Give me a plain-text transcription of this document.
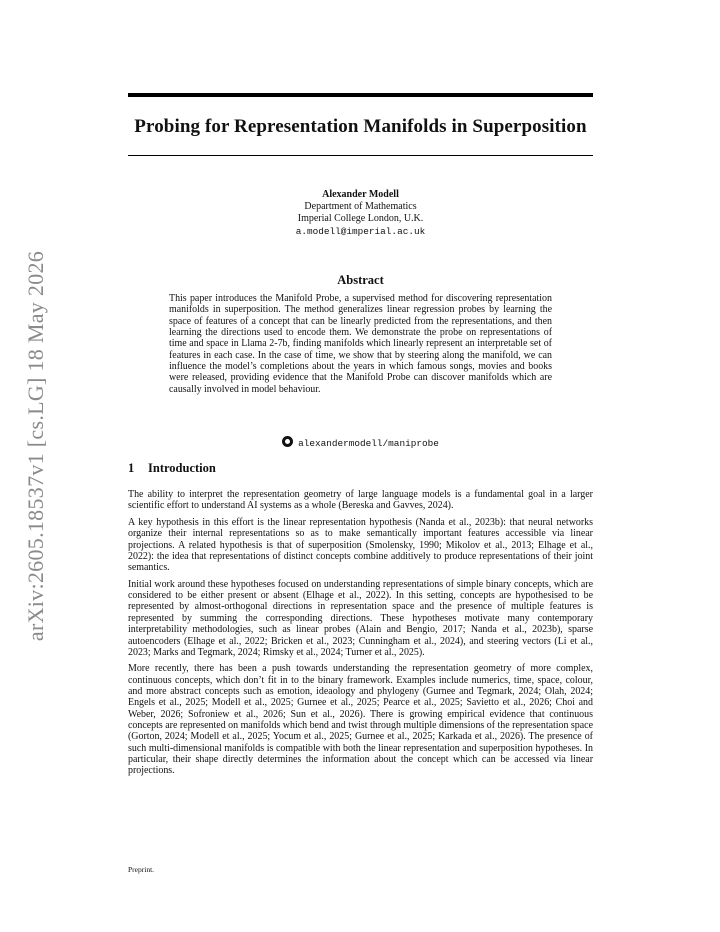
arXiv:2605.18537v1 [cs.LG] 18 May 2026
Probing for Representation Manifolds in Superposition
Alexander Modell
Department of Mathematics
Imperial College London, U.K.
a.modell@imperial.ac.uk
Abstract
This paper introduces the Manifold Probe, a supervised method for discovering representation manifolds in superposition. The method generalizes linear regression probes by learning the space of features of a concept that can be linearly predicted from the representations, and then learning the directions used to encode them. We demonstrate the probe on representations of time and space in Llama 2-7b, finding manifolds which linearly represent an interpretable set of features in each case. In the case of time, we show that by steering along the manifold, we can influence the model’s completions about the years in which famous songs, movies and books were released, providing evidence that the Manifold Probe can discover manifolds which are causally involved in model behaviour.
alexandermodell/maniprobe
1 Introduction

The ability to interpret the representation geometry of large language models is a fundamental goal in a larger scientific effort to understand AI systems as a whole (Bereska and Gavves, 2024).

A key hypothesis in this effort is the linear representation hypothesis (Nanda et al., 2023b): that neural networks organize their internal representations so as to make semantically important features accessible via linear projections. A related hypothesis is that of superposition (Smolensky, 1990; Mikolov et al., 2013; Elhage et al., 2022): the idea that representations of distinct concepts combine additively to produce representations of their joint semantics.

Initial work around these hypotheses focused on understanding representations of simple binary concepts, which are considered to be either present or absent (Elhage et al., 2022). In this setting, concepts are hypothesised to be represented by almost-orthogonal directions in representation space and the presence of multiple features is represented by summing the corresponding directions. These hypotheses motivate many contemporary interpretability methodologies, such as linear probes (Alain and Bengio, 2017; Nanda et al., 2023b), sparse autoencoders (Elhage et al., 2022; Bricken et al., 2023; Cunningham et al., 2024), and steering vectors (Li et al., 2023; Marks and Tegmark, 2024; Rimsky et al., 2024; Turner et al., 2025).

More recently, there has been a push towards understanding the representation geometry of more complex, continuous concepts, which don’t fit in to the binary framework. Examples include numerics, time, space, colour, and more abstract concepts such as emotion, ideaology and phylogeny (Gurnee and Tegmark, 2024; Olah, 2024; Engels et al., 2025; Modell et al., 2025; Gurnee et al., 2025; Pearce et al., 2025; Savietto et al., 2026; Choi and Weber, 2026; Sofroniew et al., 2026; Sun et al., 2026). There is growing empirical evidence that continuous concepts are represented on manifolds which bend and twist through multiple dimensions of the representation space (Gorton, 2024; Modell et al., 2025; Yocum et al., 2025; Gurnee et al., 2025; Karkada et al., 2026). The presence of such multi-dimensional manifolds is compatible with both the linear representation and superposition hypotheses. In particular, their shape directly determines the information about the concept which can be accessed via linear projections.

Preprint.
